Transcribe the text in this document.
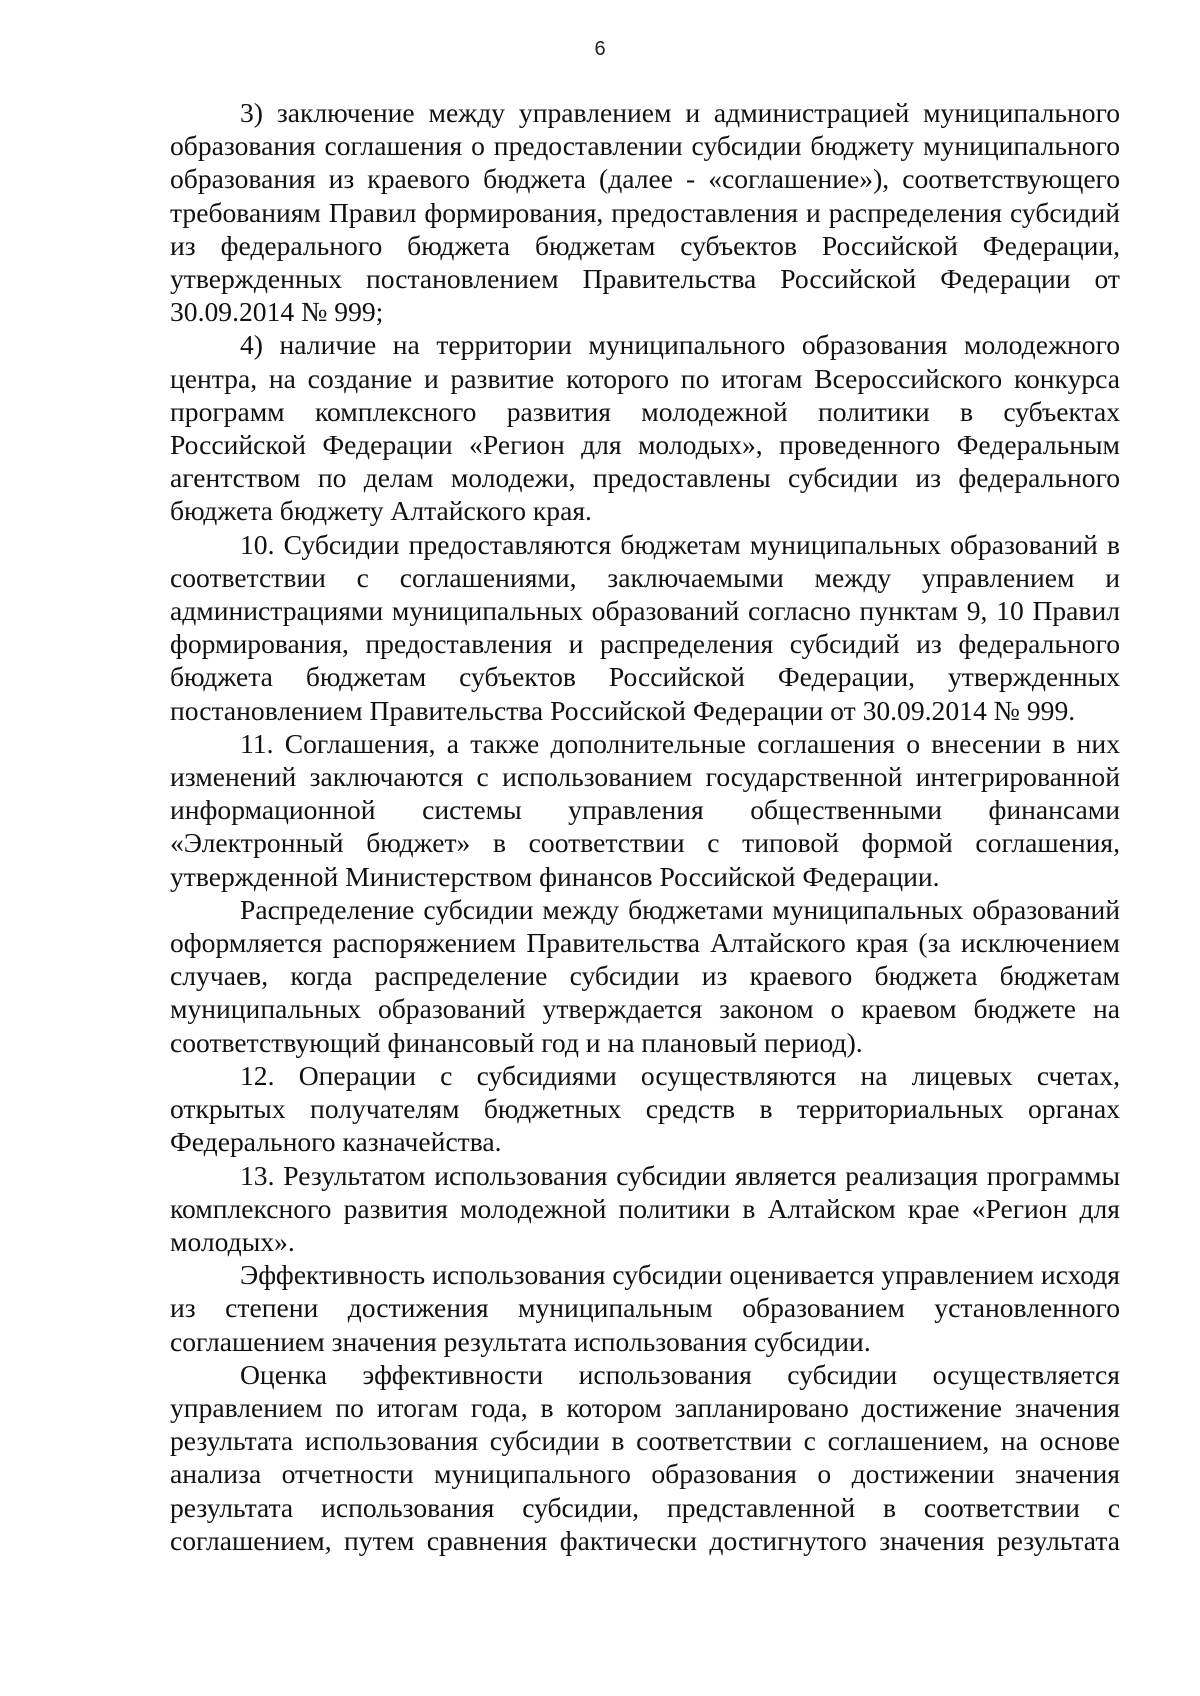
6

3) заключение между управлением и администрацией муниципального образования соглашения о предоставлении субсидии бюджету муниципального образования из краевого бюджета (далее - «соглашение»), соответствующего требованиям Правил формирования, предоставления и распределения субсидий из федерального бюджета бюджетам субъектов Российской Федерации, утвержденных постановлением Правительства Российской Федерации от 30.09.2014 № 999;

4) наличие на территории муниципального образования молодежного центра, на создание и развитие которого по итогам Всероссийского конкурса программ комплексного развития молодежной политики в субъектах Российской Федерации «Регион для молодых», проведенного Федеральным агентством по делам молодежи, предоставлены субсидии из федерального бюджета бюджету Алтайского края.

10. Субсидии предоставляются бюджетам муниципальных образований в соответствии с соглашениями, заключаемыми между управлением и администрациями муниципальных образований согласно пунктам 9, 10 Правил формирования, предоставления и распределения субсидий из федерального бюджета бюджетам субъектов Российской Федерации, утвержденных постановлением Правительства Российской Федерации от 30.09.2014 № 999.

11. Соглашения, а также дополнительные соглашения о внесении в них изменений заключаются с использованием государственной интегрированной информационной системы управления общественными финансами «Электронный бюджет» в соответствии с типовой формой соглашения, утвержденной Министерством финансов Российской Федерации.

Распределение субсидии между бюджетами муниципальных образований оформляется распоряжением Правительства Алтайского края (за исключением случаев, когда распределение субсидии из краевого бюджета бюджетам муниципальных образований утверждается законом о краевом бюджете на соответствующий финансовый год и на плановый период).

12. Операции с субсидиями осуществляются на лицевых счетах, открытых получателям бюджетных средств в территориальных органах Федерального казначейства.

13. Результатом использования субсидии является реализация программы комплексного развития молодежной политики в Алтайском крае «Регион для молодых».

Эффективность использования субсидии оценивается управлением исходя из степени достижения муниципальным образованием установленного соглашением значения результата использования субсидии.

Оценка эффективности использования субсидии осуществляется управлением по итогам года, в котором запланировано достижение значения результата использования субсидии в соответствии с соглашением, на основе анализа отчетности муниципального образования о достижении значения результата использования субсидии, представленной в соответствии с соглашением, путем сравнения фактически достигнутого значения результата
